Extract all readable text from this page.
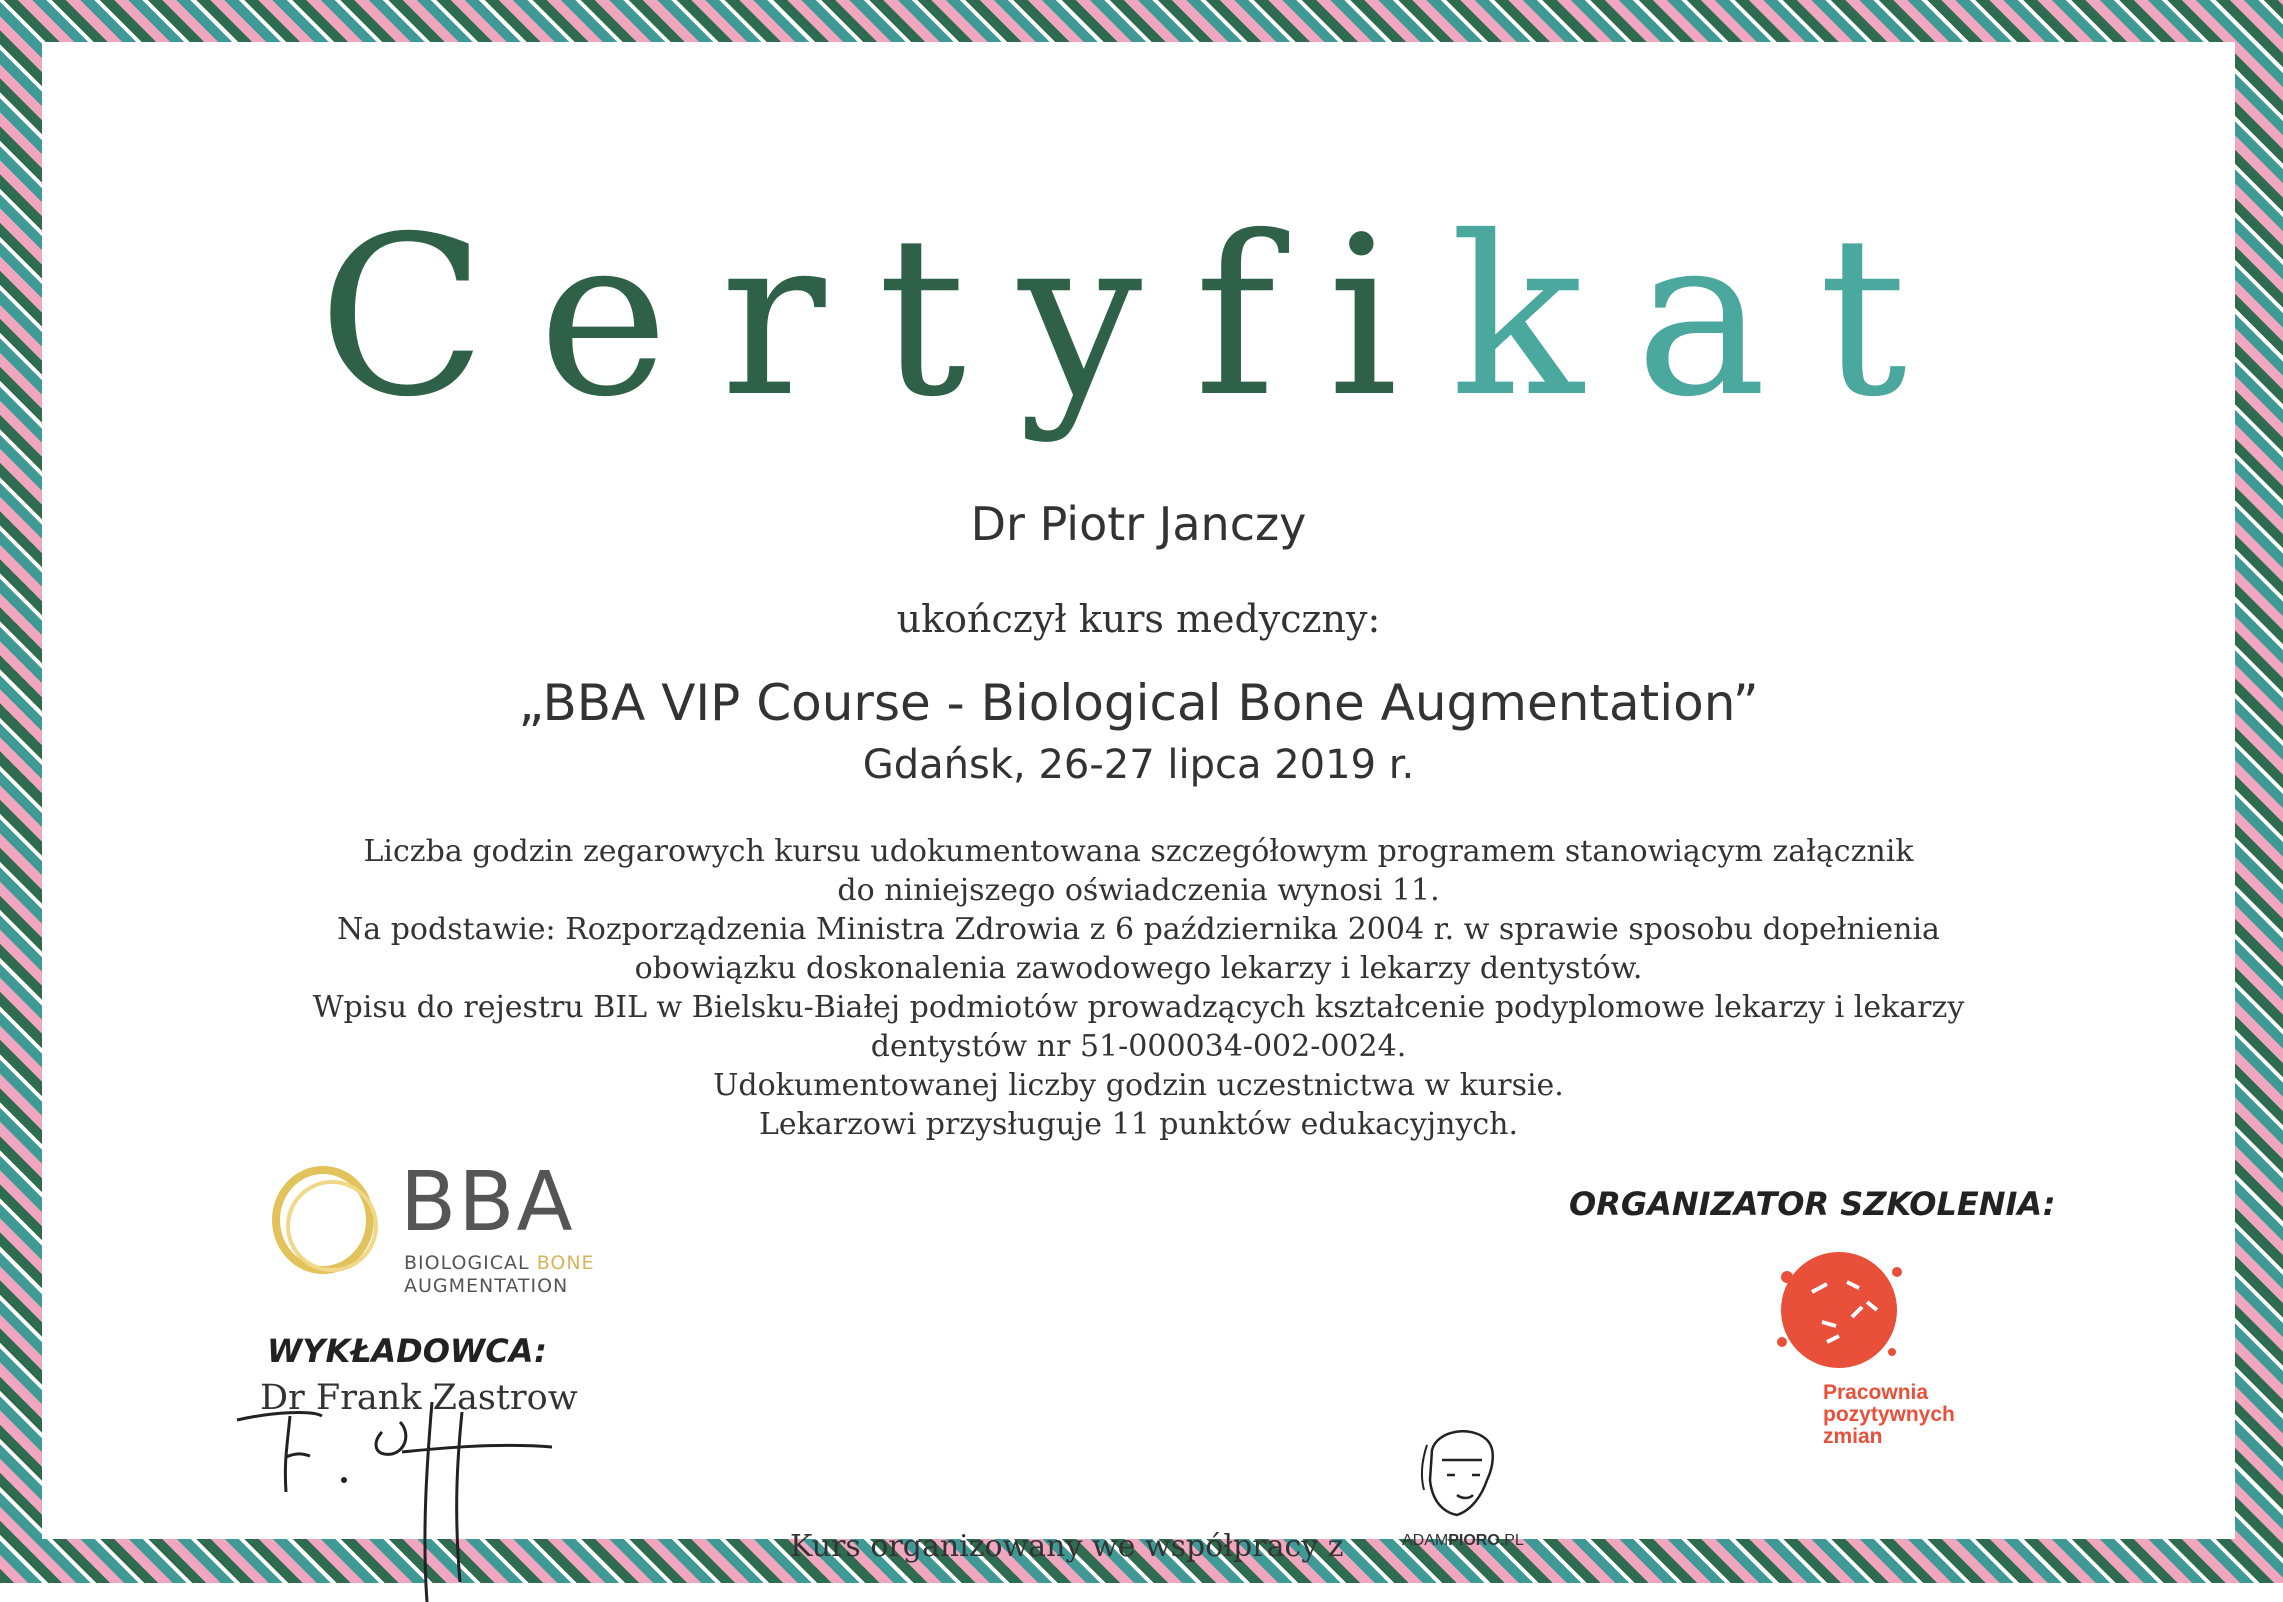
Certyfikat
Dr Piotr Janczy
ukończył kurs medyczny:
„BBA VIP Course - Biological Bone Augmentation”
Gdańsk, 26-27 lipca 2019 r.
Liczba godzin zegarowych kursu udokumentowana szczegółowym programem stanowiącym załącznik
do niniejszego oświadczenia wynosi 11.
Na podstawie: Rozporządzenia Ministra Zdrowia z 6 października 2004 r. w sprawie sposobu dopełnienia
obowiązku doskonalenia zawodowego lekarzy i lekarzy dentystów.
Wpisu do rejestru BIL w Bielsku-Białej podmiotów prowadzących kształcenie podyplomowe lekarzy i lekarzy
dentystów nr 51-000034-002-0024.
Udokumentowanej liczby godzin uczestnictwa w kursie.
Lekarzowi przysługuje 11 punktów edukacyjnych.
BBA
BIOLOGICAL BONE
AUGMENTATION
WYKŁADOWCA:
Dr Frank Zastrow
ORGANIZATOR SZKOLENIA:
Pracownia
pozytywnych
zmian
ADAMPIORO.PL
Kurs organizowany we współpracy z
